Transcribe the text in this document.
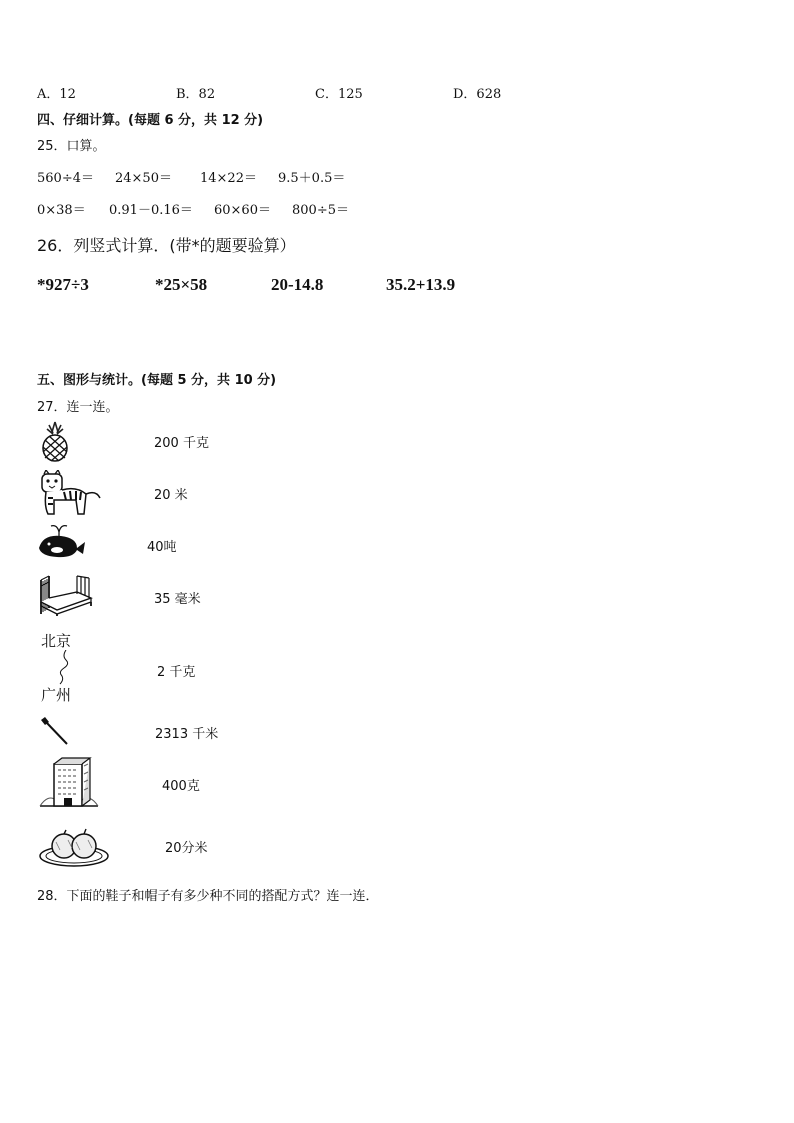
A．12	B．82	C．125	D．628
四、仔细计算。(每题 6 分，共 12 分)
25．口算。
560÷4＝ 24×50＝ 14×22＝ 9.5＋0.5＝
0×38＝ 0.91－0.16＝ 60×60＝ 800÷5＝
26．列竖式计算．(带*的题要验算）
*927÷3	*25×58	20-14.8	35.2+13.9
五、图形与统计。(每题 5 分，共 10 分)
27．连一连。
北京
广州
200 千克
20 米
40吨
35 毫米
2 千克
2313 千米
400克
20分米
28．下面的鞋子和帽子有多少种不同的搭配方式？连一连．
